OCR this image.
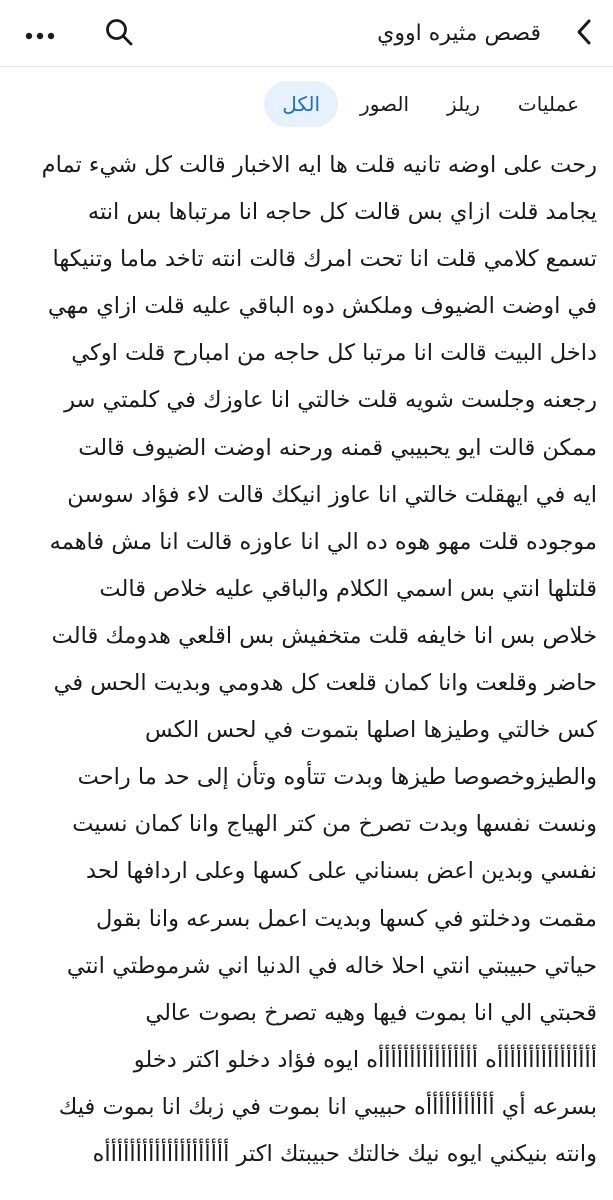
قصص مثيره اووي
الكل	الصور	ريلز	عمليات
رحت على اوضه تانيه قلت ها ايه الاخبار قالت كل شيء تمام
يجامد قلت ازاي بس قالت كل حاجه انا مرتباها بس انته
تسمع كلامي قلت انا تحت امرك قالت انته تاخد ماما وتنيكها
في اوضت الضيوف وملكش دوه الباقي عليه قلت ازاي مهي
داخل البيت قالت انا مرتبا كل حاجه من امبارح قلت اوكي
رجعنه وجلست شويه قلت خالتي انا عاوزك في كلمتي سر
ممكن قالت ايو يحبيبي قمنه ورحنه اوضت الضيوف قالت
ايه في ايهقلت خالتي انا عاوز انيكك قالت لاء فؤاد سوسن
موجوده قلت مهو هوه ده الي انا عاوزه قالت انا مش فاهمه
قلتلها انتي بس اسمي الكلام والباقي عليه خلاص قالت
خلاص بس انا خايفه قلت متخفيش بس اقلعي هدومك قالت
حاضر وقلعت وانا كمان قلعت كل هدومي وبديت الحس في
كس خالتي وطيزها اصلها بتموت في لحس الكس
والطيزوخصوصا طيزها وبدت تتأوه وتأن إلى حد ما راحت
ونست نفسها وبدت تصرخ من كتر الهياج وانا كمان نسيت
نفسي وبدين اعض بسناني على كسها وعلى اردافها لحد
مقمت ودخلتو في كسها وبديت اعمل بسرعه وانا بقول
حياتي حبيبتي انتي احلا خاله في الدنيا اني شرموطتي انتي
قحبتي الي انا بموت فيها وهيه تصرخ بصوت عالي
أأأأأأأأأأأأأأأأه أأأأأأأأأأأأأأأأه ايوه فؤاد دخلو اكتر دخلو
بسرعه أي أأأأأأأأأأأه حبيبي انا بموت في زبك انا بموت فيك
وانته بنيكني ايوه نيك خالتك حبيبتك اكتر أأأأأأأأأأأأأأأأأأأأه
